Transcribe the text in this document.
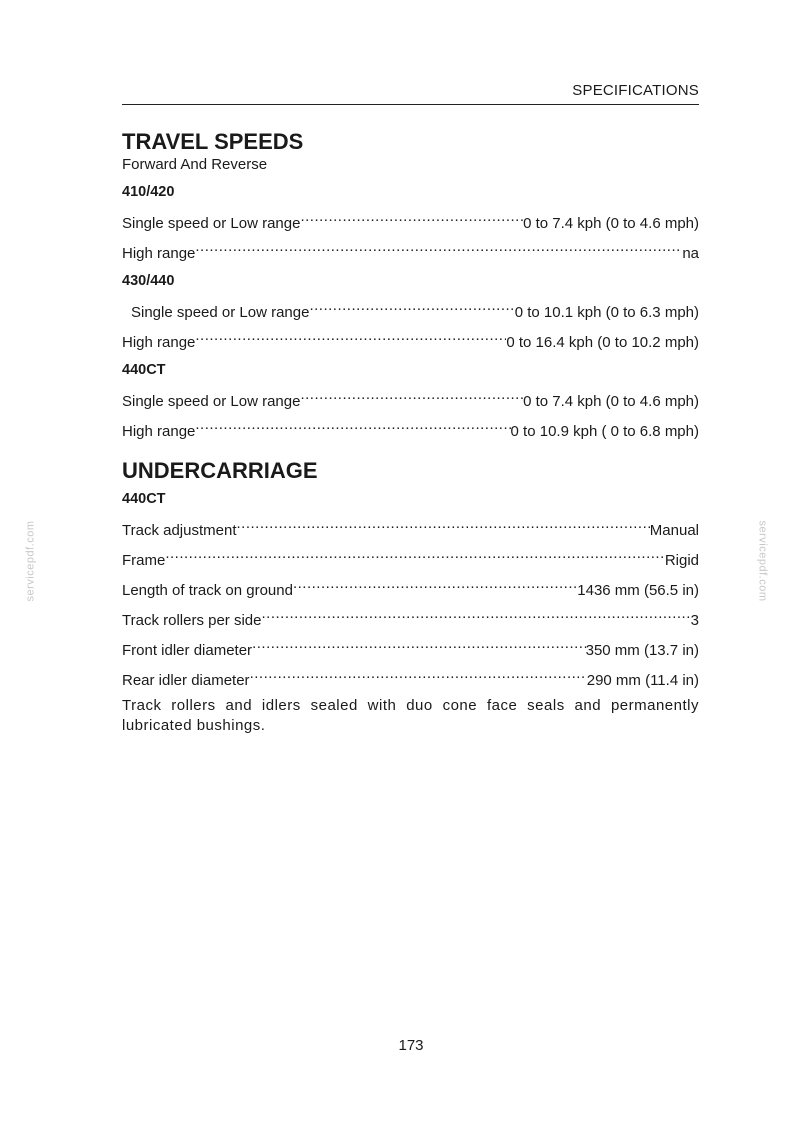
SPECIFICATIONS
servicepdf.com	servicepdf.com
TRAVEL SPEEDS
Forward And Reverse
410/420
Single speed or Low range .....	0 to 7.4 kph (0 to 4.6 mph)
High range .....	na
430/440
Single speed or Low range .....	0 to 10.1 kph (0 to 6.3 mph)
High range .....	0 to 16.4 kph (0 to 10.2 mph)
440CT
Single speed or Low range .....	0 to 7.4 kph (0 to 4.6 mph)
High range .....	0 to 10.9 kph ( 0 to 6.8 mph)
UNDERCARRIAGE
440CT
Track adjustment .....	Manual
Frame .....	Rigid
Length of track on ground .....	1436 mm (56.5 in)
Track rollers per side .....	3
Front idler diameter .....	350 mm (13.7 in)
Rear idler diameter .....	290 mm (11.4 in)
Track rollers and idlers sealed with duo cone face seals and permanently lubricated bushings.
173
